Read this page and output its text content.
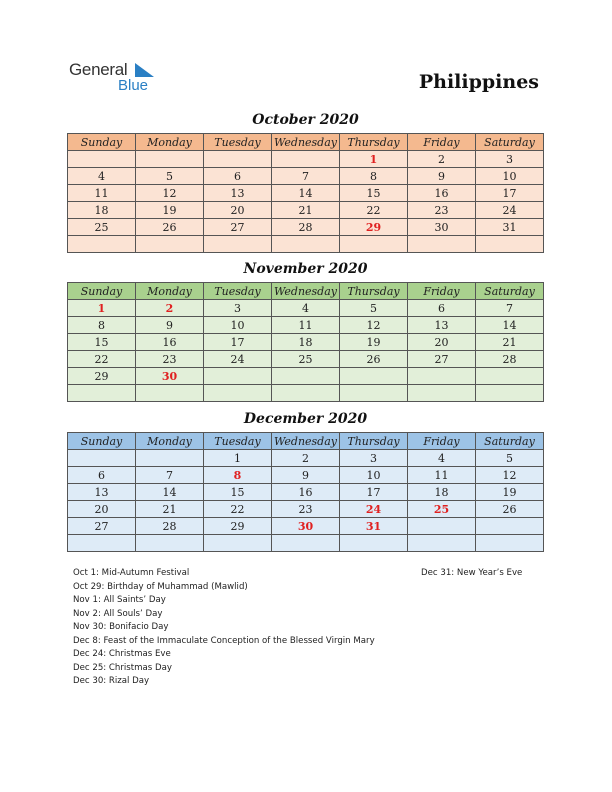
General
Blue	Philippines
October 2020
Sunday	Monday	Tuesday	Wednesday	Thursday	Friday	Saturday
				1	2	3
4	5	6	7	8	9	10
11	12	13	14	15	16	17
18	19	20	21	22	23	24
25	26	27	28	29	30	31

November 2020
Sunday	Monday	Tuesday	Wednesday	Thursday	Friday	Saturday
1	2	3	4	5	6	7
8	9	10	11	12	13	14
15	16	17	18	19	20	21
22	23	24	25	26	27	28
29	30					

December 2020
Sunday	Monday	Tuesday	Wednesday	Thursday	Friday	Saturday
		1	2	3	4	5
6	7	8	9	10	11	12
13	14	15	16	17	18	19
20	21	22	23	24	25	26
27	28	29	30	31		

Oct 1: Mid-Autumn Festival
Oct 29: Birthday of Muhammad (Mawlid)
Nov 1: All Saints’ Day
Nov 2: All Souls’ Day
Nov 30: Bonifacio Day
Dec 8: Feast of the Immaculate Conception of the Blessed Virgin Mary
Dec 24: Christmas Eve
Dec 25: Christmas Day
Dec 30: Rizal Day
Dec 31: New Year’s Eve
